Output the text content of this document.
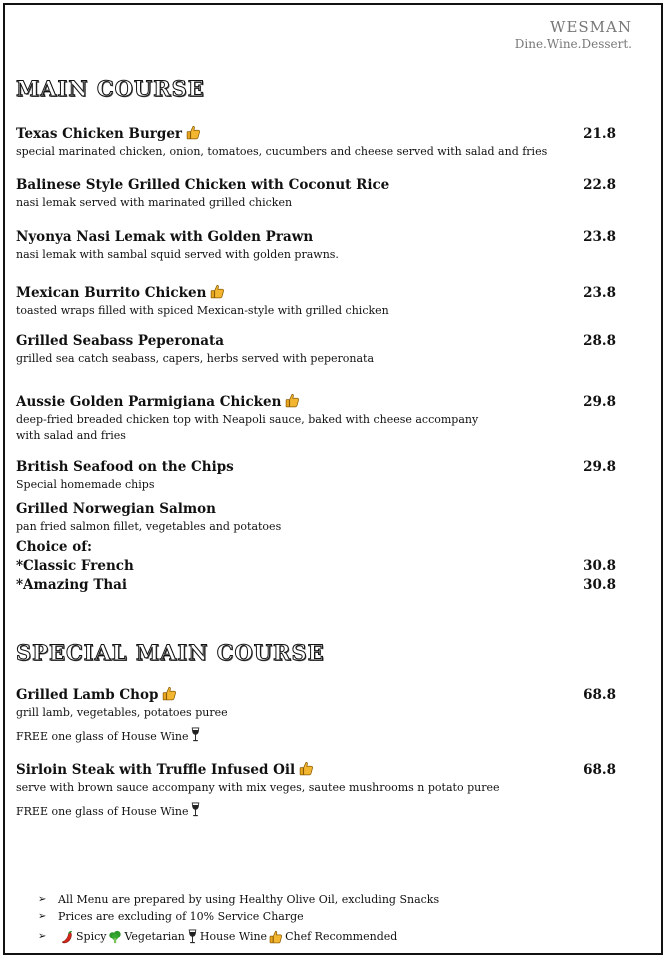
WESMAN
Dine.Wine.Dessert.
MAIN COURSE
Texas Chicken Burger	21.8
special marinated chicken, onion, tomatoes, cucumbers and cheese served with salad and fries
Balinese Style Grilled Chicken with Coconut Rice	22.8
nasi lemak served with marinated grilled chicken
Nyonya Nasi Lemak with Golden Prawn	23.8
nasi lemak with sambal squid served with golden prawns.
Mexican Burrito Chicken	23.8
toasted wraps filled with spiced Mexican-style with grilled chicken
Grilled Seabass Peperonata	28.8
grilled sea catch seabass, capers, herbs served with peperonata
Aussie Golden Parmigiana Chicken	29.8
deep-fried breaded chicken top with Neapoli sauce, baked with cheese accompany with salad and fries
British Seafood on the Chips	29.8
Special homemade chips
Grilled Norwegian Salmon
pan fried salmon fillet, vegetables and potatoes
Choice of:
*Classic French	30.8
*Amazing Thai	30.8
SPECIAL MAIN COURSE
Grilled Lamb Chop	68.8
grill lamb, vegetables, potatoes puree
FREE one glass of House Wine
Sirloin Steak with Truffle Infused Oil	68.8
serve with brown sauce accompany with mix veges, sautee mushrooms n potato puree
FREE one glass of House Wine
➢	All Menu are prepared by using Healthy Olive Oil, excluding Snacks
➢	Prices are excluding of 10% Service Charge
➢	Spicy Vegetarian House Wine Chef Recommended
